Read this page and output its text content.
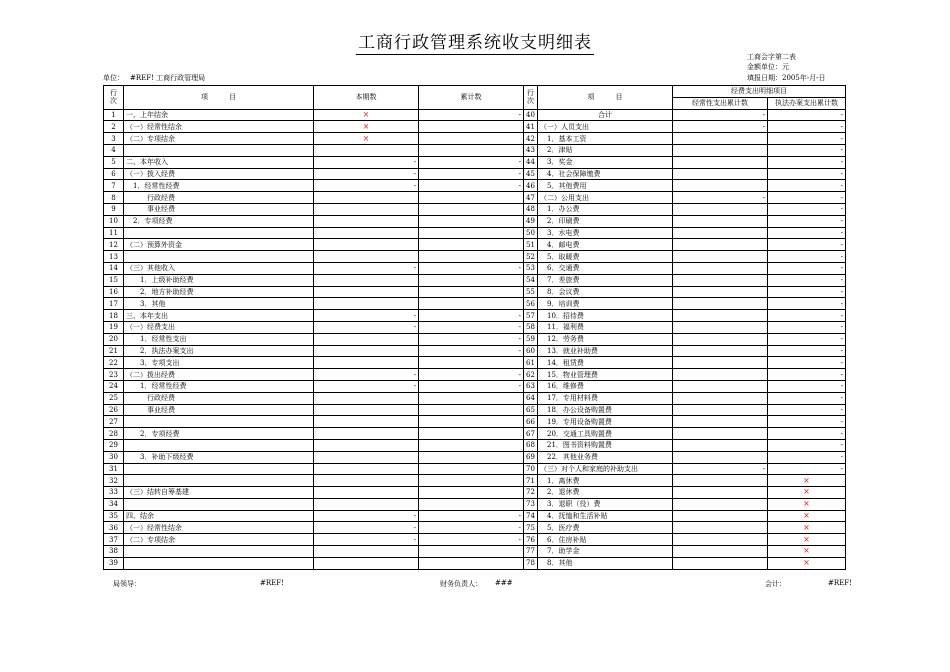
工商行政管理系统收支明细表
工商会字第二表
金额单位：元
单位： #REF! 工商行政管理局	填报日期：2005年-月-日
行次	项　　　目	本期数	累计数	行次	项　　　目	经费支出明细项目	
						经常性支出累计数	执法办案支出累计数
1	一、上年结余	×	-	40	合计	-	-
2	（一）经常性结余	×		41	（一）人员支出	-	-
3	（二）专项结余	×		42	　1．基本工资		-
4				43	　2．津贴		-
5	二、本年收入	-	-	44	　3．奖金		-
6	（一）拨入经费	-	-	45	　4．社会保障缴费		-
7	　1．经常性经费	-	-	46	　5．其他费用		-
8	　　　行政经费			47	（二）公用支出	-	-
9	　　　事业经费			48	　1．办公费		-
10	　2．专项经费			49	　2．印刷费		-
11				50	　3．水电费		-
12	（二）预算外资金			51	　4．邮电费		-
13				52	　5．取暖费		-
14	（三）其他收入	-	-	53	　6．交通费		-
15	　　1．上级补助经费			54	　7．差旅费		-
16	　　2．地方补助经费			55	　8．会议费		-
17	　　3．其他			56	　9．培训费		-
18	三、本年支出	-	-	57	　10．招待费		-
19	（一）经费支出	-	-	58	　11．福利费		-
20	　　1．经常性支出		-	59	　12．劳务费		-
21	　　2．执法办案支出		-	60	　13．就业补助费		-
22	　　3．专项支出			61	　14．租赁费		-
23	（二）拨出经费	-	-	62	　15．物业管理费		-
24	　　1．经常性经费	-	-	63	　16．维修费		-
25	　　　行政经费			64	　17．专用材料费		-
26	　　　事业经费			65	　18．办公设备购置费		-
27				66	　19．专用设备购置费		-
28	　　2．专项经费			67	　20．交通工具购置费		-
29				68	　21．图书资料购置费		-
30	　　3．补助下级经费			69	　22．其他业务费		-
31				70	（三）对个人和家庭的补助支出	-	-
32				71	　1．离休费		×
33	（三）结转自筹基建			72	　2．退休费		×
34				73	　3．退职（役）费		×
35	四、结余	-	-	74	　4．抚恤和生活补贴		×
36	（一）经常性结余	-	-	75	　5．医疗费		×
37	（二）专项结余	-	-	76	　6．住房补贴		×
38				77	　7．助学金		×
39				78	　8．其他		×
局领导：	#REF!	财务负责人： ###	会计：	#REF!
